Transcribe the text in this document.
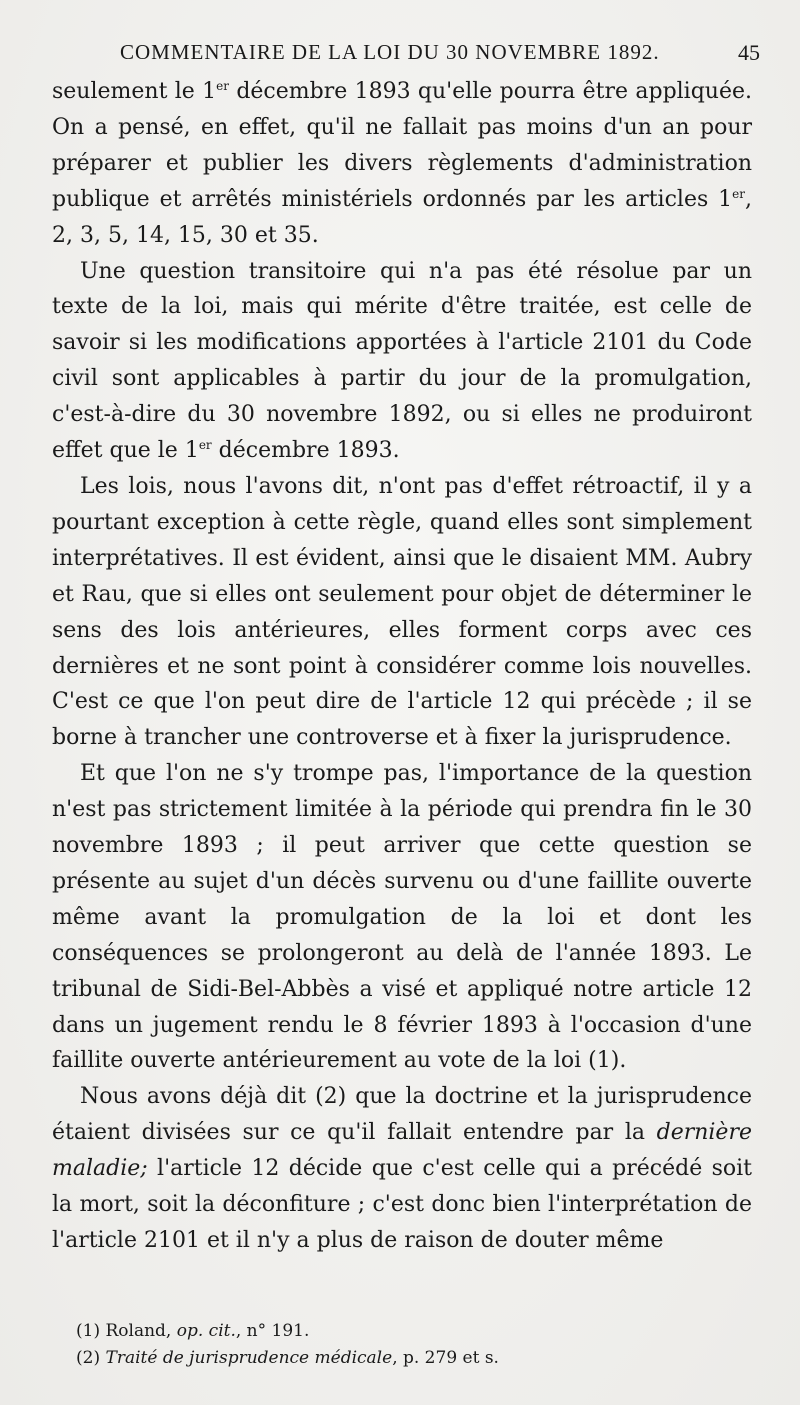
COMMENTAIRE DE LA LOI DU 30 NOVEMBRE 1892.	45

seulement le 1er décembre 1893 qu'elle pourra être appliquée. On a pensé, en effet, qu'il ne fallait pas moins d'un an pour préparer et publier les divers règlements d'administration publique et arrêtés ministériels ordonnés par les articles 1er, 2, 3, 5, 14, 15, 30 et 35.

Une question transitoire qui n'a pas été résolue par un texte de la loi, mais qui mérite d'être traitée, est celle de savoir si les modifications apportées à l'article 2101 du Code civil sont applicables à partir du jour de la promulgation, c'est-à-dire du 30 novembre 1892, ou si elles ne produiront effet que le 1er décembre 1893.

Les lois, nous l'avons dit, n'ont pas d'effet rétroactif, il y a pourtant exception à cette règle, quand elles sont simplement interprétatives. Il est évident, ainsi que le disaient MM. Aubry et Rau, que si elles ont seulement pour objet de déterminer le sens des lois antérieures, elles forment corps avec ces dernières et ne sont point à considérer comme lois nouvelles. C'est ce que l'on peut dire de l'article 12 qui précède ; il se borne à trancher une controverse et à fixer la jurisprudence.

Et que l'on ne s'y trompe pas, l'importance de la question n'est pas strictement limitée à la période qui prendra fin le 30 novembre 1893 ; il peut arriver que cette question se présente au sujet d'un décès survenu ou d'une faillite ouverte même avant la promulgation de la loi et dont les conséquences se prolongeront au delà de l'année 1893. Le tribunal de Sidi-Bel-Abbès a visé et appliqué notre article 12 dans un jugement rendu le 8 février 1893 à l'occasion d'une faillite ouverte antérieurement au vote de la loi (1).

Nous avons déjà dit (2) que la doctrine et la jurisprudence étaient divisées sur ce qu'il fallait entendre par la dernière maladie; l'article 12 décide que c'est celle qui a précédé soit la mort, soit la déconfiture ; c'est donc bien l'interprétation de l'article 2101 et il n'y a plus de raison de douter même

(1) Roland, op. cit., n° 191.
(2) Traité de jurisprudence médicale, p. 279 et s.
